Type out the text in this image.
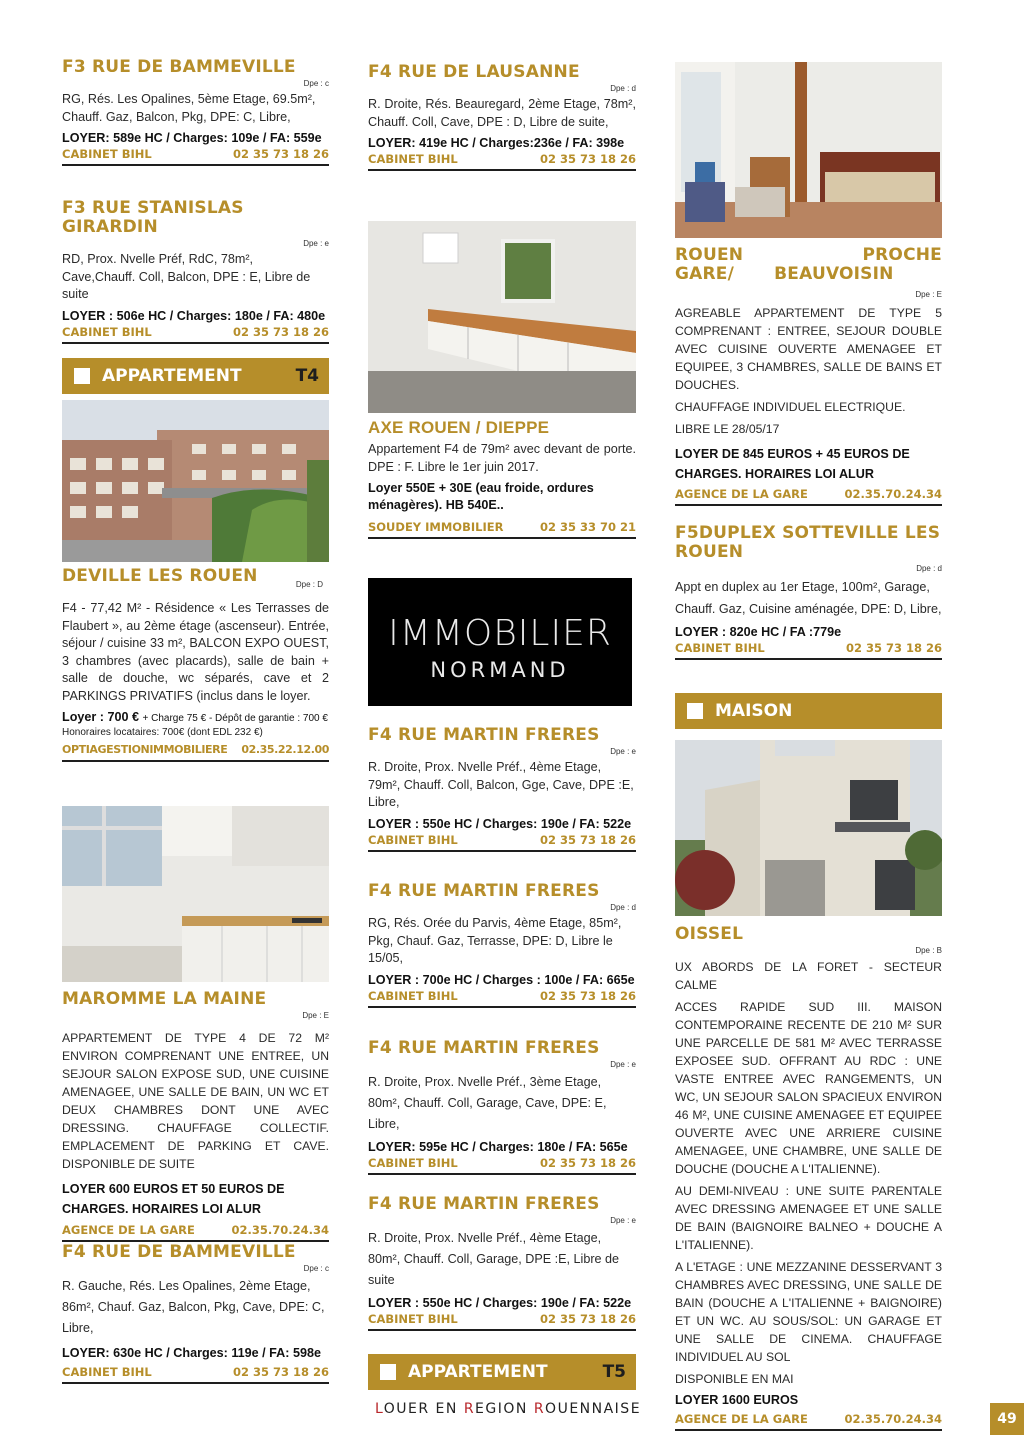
F3 RUE DE BAMMEVILLE
Dpe : c

RG, Rés. Les Opalines, 5ème Etage, 69.5m², Chauff. Gaz, Balcon, Pkg, DPE: C, Libre,

LOYER: 589e HC / Charges: 109e / FA: 559e
CABINET BIHL	02 35 73 18 26
F3 RUE STANISLAS GIRARDIN
Dpe : e

RD, Prox. Nvelle Préf, RdC, 78m², Cave,Chauff. Coll, Balcon, DPE : E, Libre de suite

LOYER : 506e HC / Charges: 180e / FA: 480e
CABINET BIHL	02 35 73 18 26
APPARTEMENT	T4
DEVILLE LES ROUEN	Dpe : D

F4 - 77,42 M² - Résidence « Les Terrasses de Flaubert », au 2ème étage (ascenseur). Entrée, séjour / cuisine 33 m², BALCON EXPO OUEST, 3 chambres (avec placards), salle de bain + salle de douche, wc séparés, cave et 2 PARKINGS PRIVATIFS (inclus dans le loyer.

Loyer : 700 € + Charge 75 € - Dépôt de garantie : 700 €
Honoraires locataires: 700€ (dont EDL 232 €)
OPTIAGESTIONIMMOBILIERE 02.35.22.12.00
MAROMME LA MAINE
Dpe : E

APPARTEMENT DE TYPE 4 DE 72 M² ENVIRON COMPRENANT UNE ENTREE, UN SEJOUR SALON EXPOSE SUD, UNE CUISINE AMENAGEE, UNE SALLE DE BAIN, UN WC ET DEUX CHAMBRES DONT UNE AVEC DRESSING. CHAUFFAGE COLLECTIF. EMPLACEMENT DE PARKING ET CAVE. DISPONIBLE DE SUITE

LOYER 600 EUROS ET 50 EUROS DE CHARGES. HORAIRES LOI ALUR
AGENCE DE LA GARE	02.35.70.24.34
F4 RUE DE BAMMEVILLE
Dpe : c

R. Gauche, Rés. Les Opalines, 2ème Etage, 86m², Chauf. Gaz, Balcon, Pkg, Cave, DPE: C, Libre,

LOYER: 630e HC / Charges: 119e / FA: 598e
CABINET BIHL	02 35 73 18 26
F4 RUE DE LAUSANNE
Dpe : d

R. Droite, Rés. Beauregard, 2ème Etage, 78m², Chauff. Coll, Cave, DPE : D, Libre de suite,

LOYER: 419e HC / Charges:236e / FA: 398e
CABINET BIHL	02 35 73 18 26
AXE ROUEN / DIEPPE

Appartement F4 de 79m² avec devant de porte. DPE : F. Libre le 1er juin 2017.

Loyer 550E + 30E (eau froide, ordures ménagères). HB 540E..
SOUDEY IMMOBILIER	02 35 33 70 21
IMMOBILIER
NORMAND
F4 RUE MARTIN FRERES
Dpe : e

R. Droite, Prox. Nvelle Préf., 4ème Etage, 79m², Chauff. Coll, Balcon, Gge, Cave, DPE :E, Libre,

LOYER : 550e HC / Charges: 190e / FA: 522e
CABINET BIHL	02 35 73 18 26
F4 RUE MARTIN FRERES
Dpe : d

RG, Rés. Orée du Parvis, 4ème Etage, 85m², Pkg, Chauf. Gaz, Terrasse, DPE: D, Libre le 15/05,

LOYER : 700e HC / Charges : 100e / FA: 665e
CABINET BIHL	02 35 73 18 26
F4 RUE MARTIN FRERES
Dpe : e

R. Droite, Prox. Nvelle Préf., 3ème Etage, 80m², Chauff. Coll, Garage, Cave, DPE: E, Libre,

LOYER: 595e HC / Charges: 180e / FA: 565e
CABINET BIHL	02 35 73 18 26
F4 RUE MARTIN FRERES
Dpe : e

R. Droite, Prox. Nvelle Préf., 4ème Etage, 80m², Chauff. Coll, Garage, DPE :E, Libre de suite

LOYER : 550e HC / Charges: 190e / FA: 522e
CABINET BIHL	02 35 73 18 26
APPARTEMENT	T5
ROUEN PROCHE GARE/ BEAUVOISIN
Dpe : E

AGREABLE APPARTEMENT DE TYPE 5 COMPRENANT : ENTREE, SEJOUR DOUBLE AVEC CUISINE OUVERTE AMENAGEE ET EQUIPEE, 3 CHAMBRES, SALLE DE BAINS ET DOUCHES.

CHAUFFAGE INDIVIDUEL ELECTRIQUE.

LIBRE LE 28/05/17

LOYER DE 845 EUROS + 45 EUROS DE CHARGES. HORAIRES LOI ALUR
AGENCE DE LA GARE	02.35.70.24.34
F5DUPLEX SOTTEVILLE LES ROUEN
Dpe : d

Appt en duplex au 1er Etage, 100m², Garage, Chauff. Gaz, Cuisine aménagée, DPE: D, Libre,

LOYER : 820e HC / FA :779e
CABINET BIHL	02 35 73 18 26
MAISON
OISSEL
Dpe : B

UX ABORDS DE LA FORET - SECTEUR CALME

ACCES RAPIDE SUD III. MAISON CONTEMPORAINE RECENTE DE 210 M² SUR UNE PARCELLE DE 581 M² AVEC TERRASSE EXPOSEE SUD. OFFRANT AU RDC : UNE VASTE ENTREE AVEC RANGEMENTS, UN WC, UN SEJOUR SALON SPACIEUX ENVIRON 46 M², UNE CUISINE AMENAGEE ET EQUIPEE OUVERTE AVEC UNE ARRIERE CUISINE AMENAGEE, UNE CHAMBRE, UNE SALLE DE DOUCHE (DOUCHE A L'ITALIENNE).

AU DEMI-NIVEAU : UNE SUITE PARENTALE AVEC DRESSING AMENAGEE ET UNE SALLE DE BAIN (BAIGNOIRE BALNEO + DOUCHE A L'ITALIENNE).

A L'ETAGE : UNE MEZZANINE DESSERVANT 3 CHAMBRES AVEC DRESSING, UNE SALLE DE BAIN (DOUCHE A L'ITALIENNE + BAIGNOIRE) ET UN WC. AU SOUS/SOL: UN GARAGE ET UNE SALLE DE CINEMA. CHAUFFAGE INDIVIDUEL AU SOL

DISPONIBLE EN MAI

LOYER 1600 EUROS
AGENCE DE LA GARE	02.35.70.24.34
LOUER EN REGION ROUENNAISE
49
